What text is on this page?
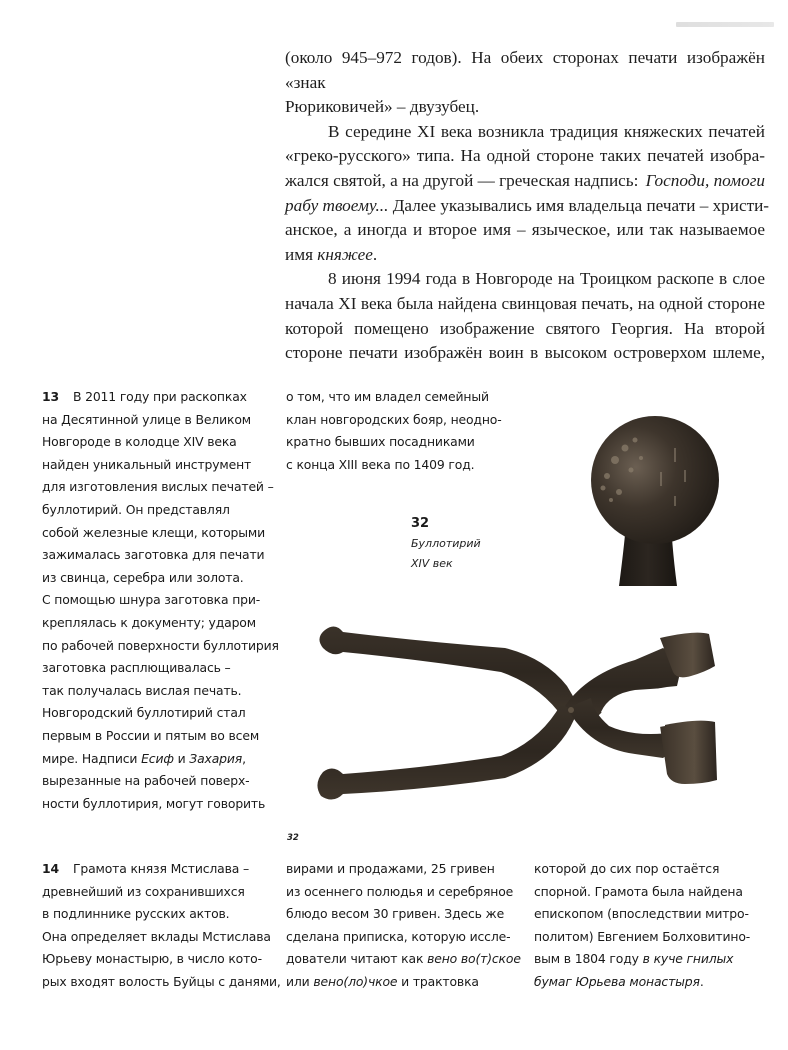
(около 945–972 годов). На обеих сторонах печати изображён «знак
Рюриковичей» – двузубец.
В середине XI века возникла традиция княжеских печатей
«греко-русского» типа. На одной стороне таких печатей изобра-
жался святой, а на другой — греческая надпись: Господи, помоги
рабу твоему... Далее указывались имя владельца печати – христи-
анское, а иногда и второе имя – языческое, или так называемое
имя княжее.
8 июня 1994 года в Новгороде на Троицком раскопе в слое
начала XI века была найдена свинцовая печать, на одной стороне
которой помещено изображение святого Георгия. На второй
стороне печати изображён воин в высоком островерхом шлеме,
13 В 2011 году при раскопках
на Десятинной улице в Великом
Новгороде в колодце XIV века
найден уникальный инструмент
для изготовления вислых печатей –
буллотирий. Он представлял
собой железные клещи, которыми
зажималась заготовка для печати
из свинца, серебра или золота.
С помощью шнура заготовка при-
креплялась к документу; ударом
по рабочей поверхности буллотирия
заготовка расплющивалась –
так получалась вислая печать.
Новгородский буллотирий стал
первым в России и пятым во всем
мире. Надписи Есиф и Захария,
вырезанные на рабочей поверх-
ности буллотирия, могут говорить
о том, что им владел семейный
клан новгородских бояр, неодно-
кратно бывших посадниками
с конца XIII века по 1409 год.
32
Буллотирий
XIV век
32
14 Грамота князя Мстислава –
древнейший из сохранившихся
в подлиннике русских актов.
Она определяет вклады Мстислава
Юрьеву монастырю, в число кото-
рых входят волость Буйцы с данями,
вирами и продажами, 25 гривен
из осеннего полюдья и серебряное
блюдо весом 30 гривен. Здесь же
сделана приписка, которую иссле-
дователи читают как вено во(т)ское
или вено(ло)чкое и трактовка
которой до сих пор остаётся
спорной. Грамота была найдена
епископом (впоследствии митро-
политом) Евгением Болховитино-
вым в 1804 году в куче гнилых
бумаг Юрьева монастыря.
